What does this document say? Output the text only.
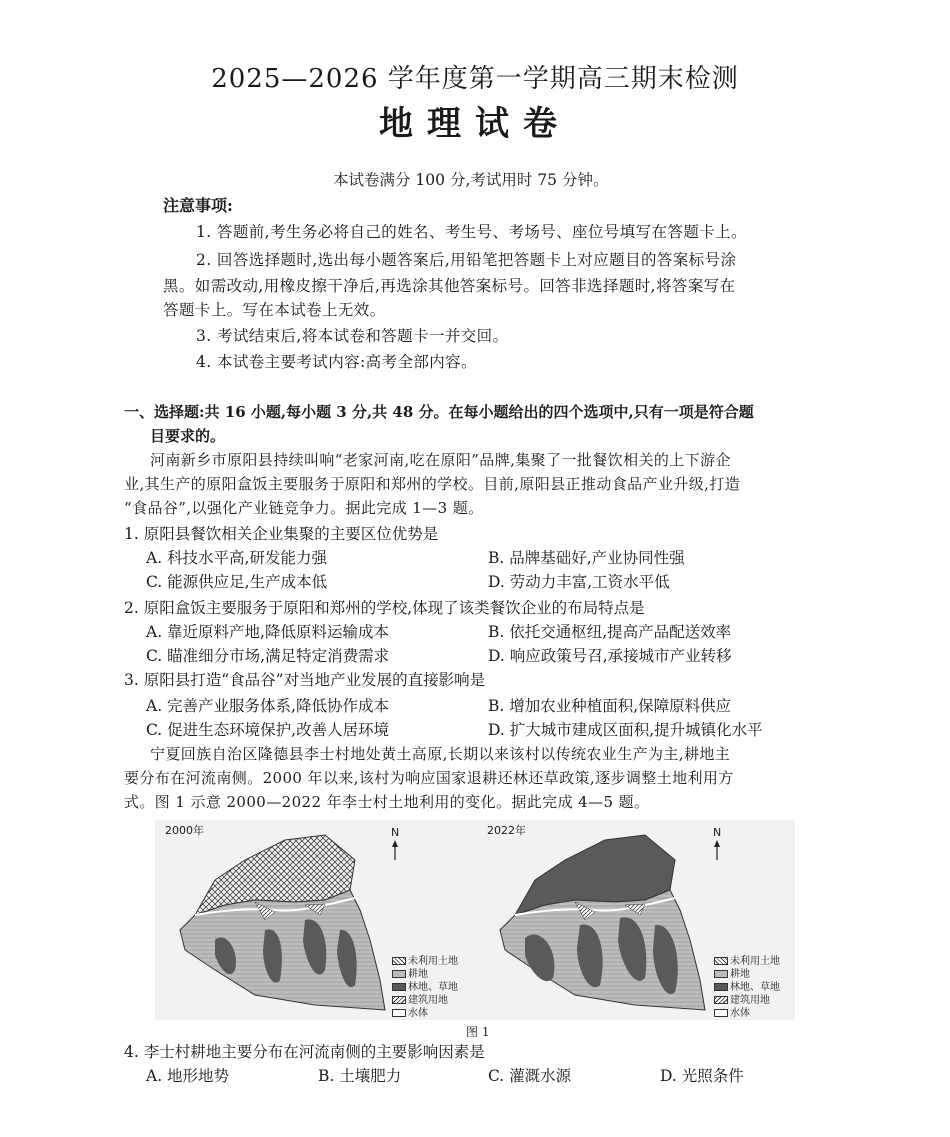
2025—2026 学年度第一学期高三期末检测
地理试卷
本试卷满分 100 分,考试用时 75 分钟。
注意事项:
1. 答题前,考生务必将自己的姓名、考生号、考场号、座位号填写在答题卡上。
2. 回答选择题时,选出每小题答案后,用铅笔把答题卡上对应题目的答案标号涂
黑。如需改动,用橡皮擦干净后,再选涂其他答案标号。回答非选择题时,将答案写在
答题卡上。写在本试卷上无效。
3. 考试结束后,将本试卷和答题卡一并交回。
4. 本试卷主要考试内容:高考全部内容。
一、选择题:共 16 小题,每小题 3 分,共 48 分。在每小题给出的四个选项中,只有一项是符合题
目要求的。
河南新乡市原阳县持续叫响“老家河南,吃在原阳”品牌,集聚了一批餐饮相关的上下游企
业,其生产的原阳盒饭主要服务于原阳和郑州的学校。目前,原阳县正推动食品产业升级,打造
“食品谷”,以强化产业链竞争力。据此完成 1—3 题。
1. 原阳县餐饮相关企业集聚的主要区位优势是
A. 科技水平高,研发能力强	B. 品牌基础好,产业协同性强
C. 能源供应足,生产成本低	D. 劳动力丰富,工资水平低
2. 原阳盒饭主要服务于原阳和郑州的学校,体现了该类餐饮企业的布局特点是
A. 靠近原料产地,降低原料运输成本	B. 依托交通枢纽,提高产品配送效率
C. 瞄准细分市场,满足特定消费需求	D. 响应政策号召,承接城市产业转移
3. 原阳县打造“食品谷”对当地产业发展的直接影响是
A. 完善产业服务体系,降低协作成本	B. 增加农业种植面积,保障原料供应
C. 促进生态环境保护,改善人居环境	D. 扩大城市建成区面积,提升城镇化水平
宁夏回族自治区隆德县李士村地处黄土高原,长期以来该村以传统农业生产为主,耕地主
要分布在河流南侧。2000 年以来,该村为响应国家退耕还林还草政策,逐步调整土地利用方
式。图 1 示意 2000—2022 年李士村土地利用的变化。据此完成 4—5 题。
2000年	2022年
N	N
未利用土地
耕地
林地、草地
建筑用地
水体
未利用土地
耕地
林地、草地
建筑用地
水体
图 1
4. 李士村耕地主要分布在河流南侧的主要影响因素是
A. 地形地势	B. 土壤肥力	C. 灌溉水源	D. 光照条件
